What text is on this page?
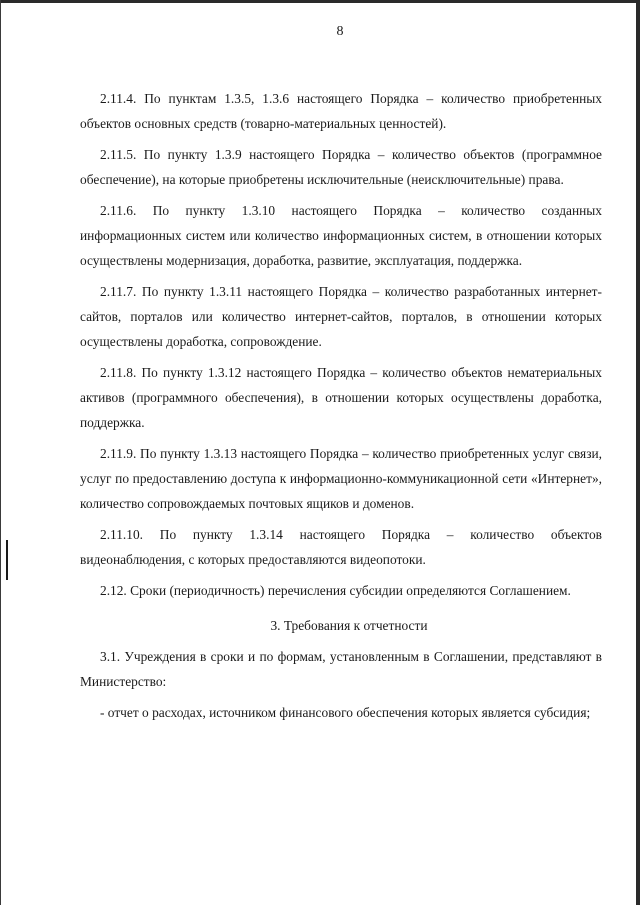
8

2.11.4. По пунктам 1.3.5, 1.3.6 настоящего Порядка – количество приобретенных объектов основных средств (товарно-материальных ценностей).

2.11.5. По пункту 1.3.9 настоящего Порядка – количество объектов (программное обеспечение), на которые приобретены исключительные (неисключительные) права.

2.11.6. По пункту 1.3.10 настоящего Порядка – количество созданных информационных систем или количество информационных систем, в отношении которых осуществлены модернизация, доработка, развитие, эксплуатация, поддержка.

2.11.7. По пункту 1.3.11 настоящего Порядка – количество разработанных интернет-сайтов, порталов или количество интернет-сайтов, порталов, в отношении которых осуществлены доработка, сопровождение.

2.11.8. По пункту 1.3.12 настоящего Порядка – количество объектов нематериальных активов (программного обеспечения), в отношении которых осуществлены доработка, поддержка.

2.11.9. По пункту 1.3.13 настоящего Порядка – количество приобретенных услуг связи, услуг по предоставлению доступа к информационно-коммуникационной сети «Интернет», количество сопровождаемых почтовых ящиков и доменов.

2.11.10. По пункту 1.3.14 настоящего Порядка – количество объектов видеонаблюдения, с которых предоставляются видеопотоки.

2.12. Сроки (периодичность) перечисления субсидии определяются Соглашением.

3. Требования к отчетности

3.1. Учреждения в сроки и по формам, установленным в Соглашении, представляют в Министерство:

- отчет о расходах, источником финансового обеспечения которых является субсидия;
